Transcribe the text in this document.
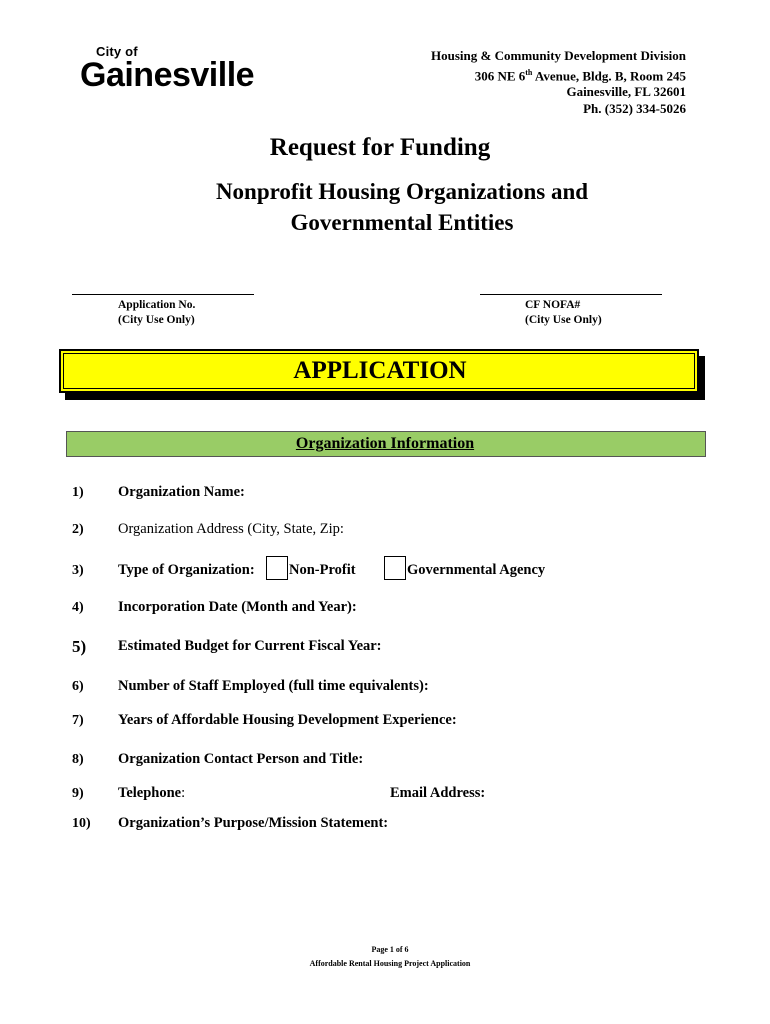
City of
Gainesville
Housing & Community Development Division
306 NE 6th Avenue, Bldg. B, Room 245
Gainesville, FL 32601
Ph. (352) 334-5026
Request for Funding
Nonprofit Housing Organizations and
Governmental Entities
Application No.
(City Use Only)
CF NOFA#
(City Use Only)
APPLICATION
Organization Information
1) Organization Name:
2) Organization Address (City, State, Zip:
3) Type of Organization: Non-Profit	Governmental Agency
4) Incorporation Date (Month and Year):
5) Estimated Budget for Current Fiscal Year:
6) Number of Staff Employed (full time equivalents):
7) Years of Affordable Housing Development Experience:
8) Organization Contact Person and Title:
9) Telephone:	Email Address:
10) Organization’s Purpose/Mission Statement:
Page 1 of 6
Affordable Rental Housing Project Application
